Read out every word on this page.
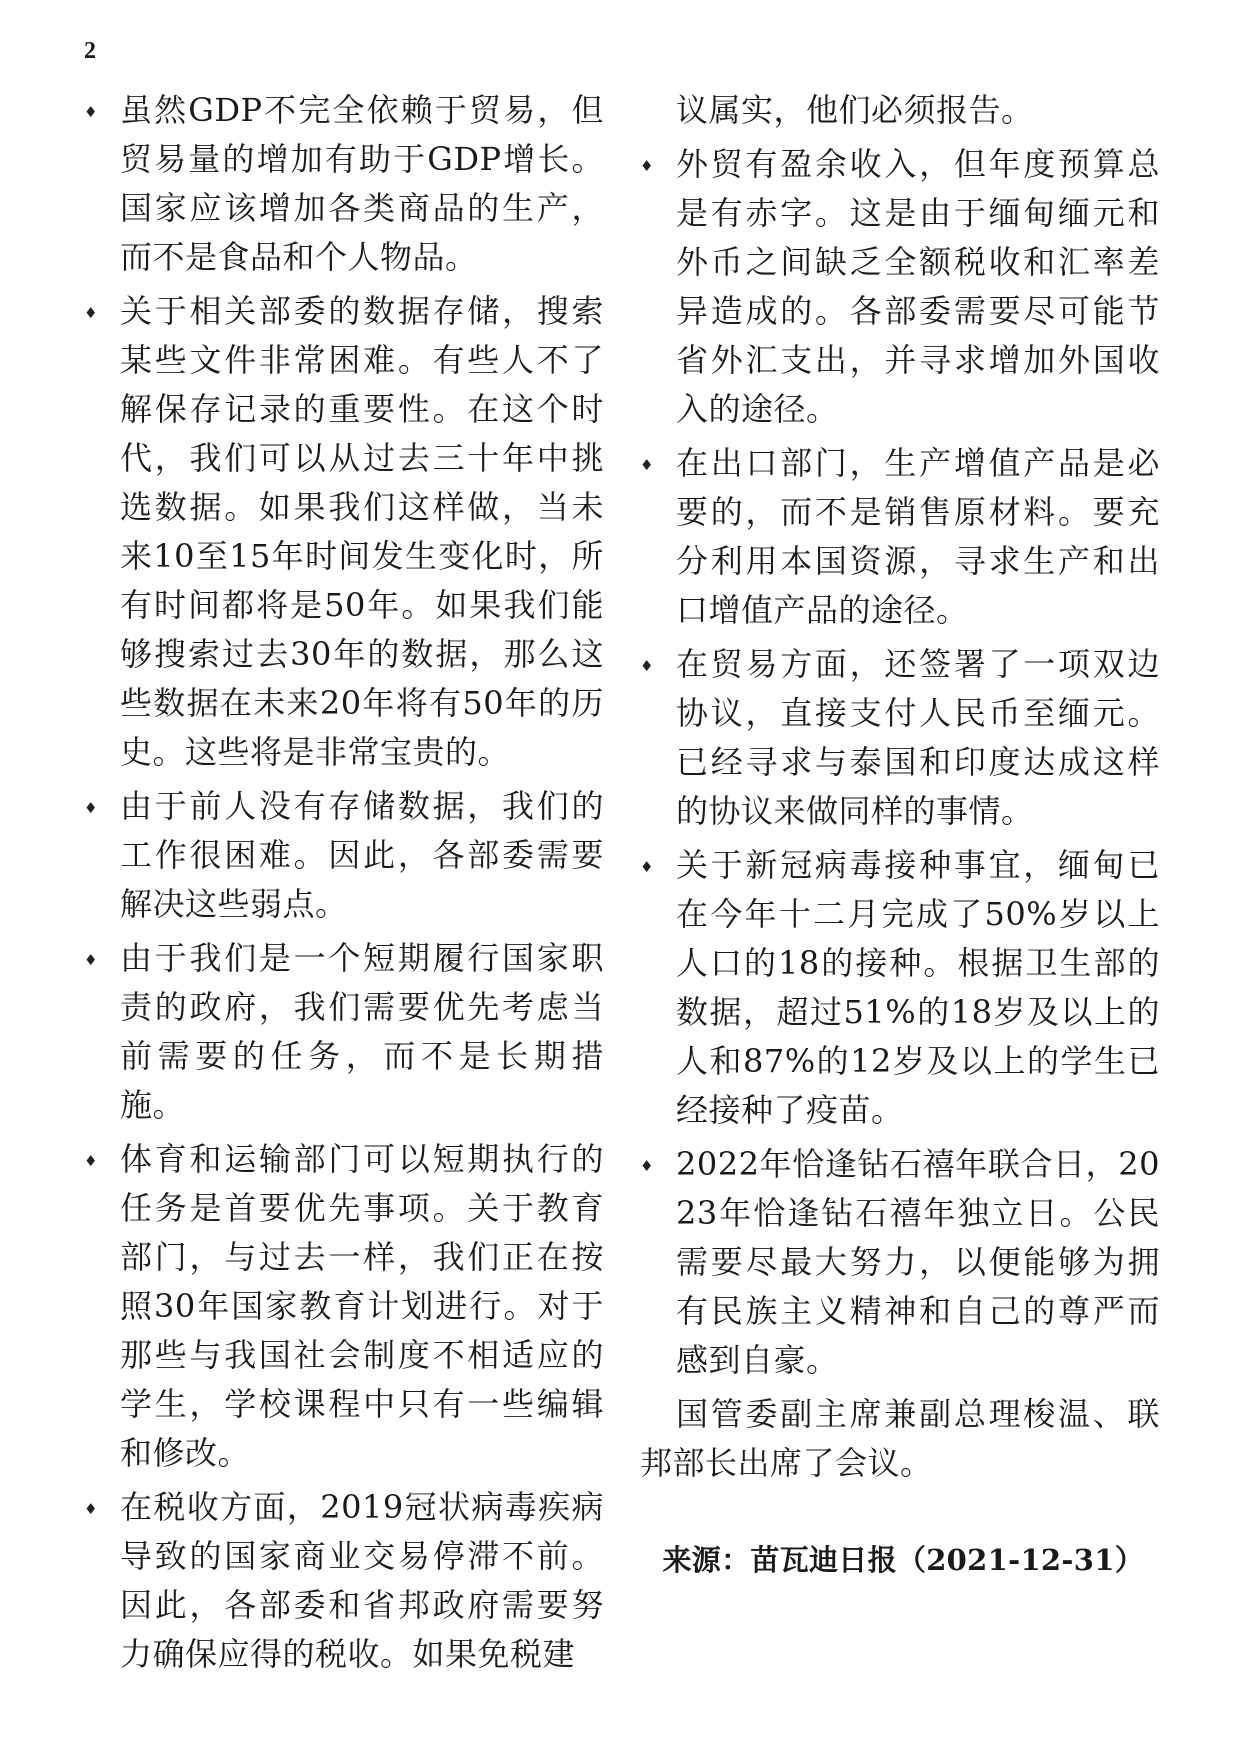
2
♦ 虽然GDP不完全依赖于贸易，但贸易量的增加有助于GDP增长。国家应该增加各类商品的生产，而不是食品和个人物品。
♦ 关于相关部委的数据存储，搜索某些文件非常困难。有些人不了解保存记录的重要性。在这个时代，我们可以从过去三十年中挑选数据。如果我们这样做，当未来10至15年时间发生变化时，所有时间都将是50年。如果我们能够搜索过去30年的数据，那么这些数据在未来20年将有50年的历史。这些将是非常宝贵的。
♦ 由于前人没有存储数据，我们的工作很困难。因此，各部委需要解决这些弱点。
♦ 由于我们是一个短期履行国家职责的政府，我们需要优先考虑当前需要的任务，而不是长期措施。
♦ 体育和运输部门可以短期执行的任务是首要优先事项。关于教育部门，与过去一样，我们正在按照30年国家教育计划进行。对于那些与我国社会制度不相适应的学生，学校课程中只有一些编辑和修改。
♦ 在税收方面，2019冠状病毒疾病导致的国家商业交易停滞不前。因此，各部委和省邦政府需要努力确保应得的税收。如果免税建
议属实，他们必须报告。
♦ 外贸有盈余收入，但年度预算总是有赤字。这是由于缅甸缅元和外币之间缺乏全额税收和汇率差异造成的。各部委需要尽可能节省外汇支出，并寻求增加外国收入的途径。
♦ 在出口部门，生产增值产品是必要的，而不是销售原材料。要充分利用本国资源，寻求生产和出口增值产品的途径。
♦ 在贸易方面，还签署了一项双边协议，直接支付人民币至缅元。已经寻求与泰国和印度达成这样的协议来做同样的事情。
♦ 关于新冠病毒接种事宜，缅甸已在今年十二月完成了50%岁以上人口的18的接种。根据卫生部的数据，超过51%的18岁及以上的人和87%的12岁及以上的学生已经接种了疫苗。
♦ 2022年恰逢钻石禧年联合日，2023年恰逢钻石禧年独立日。公民需要尽最大努力，以便能够为拥有民族主义精神和自己的尊严而感到自豪。
国管委副主席兼副总理梭温、联邦部长出席了会议。
来源：苗瓦迪日报（2021-12-31）
